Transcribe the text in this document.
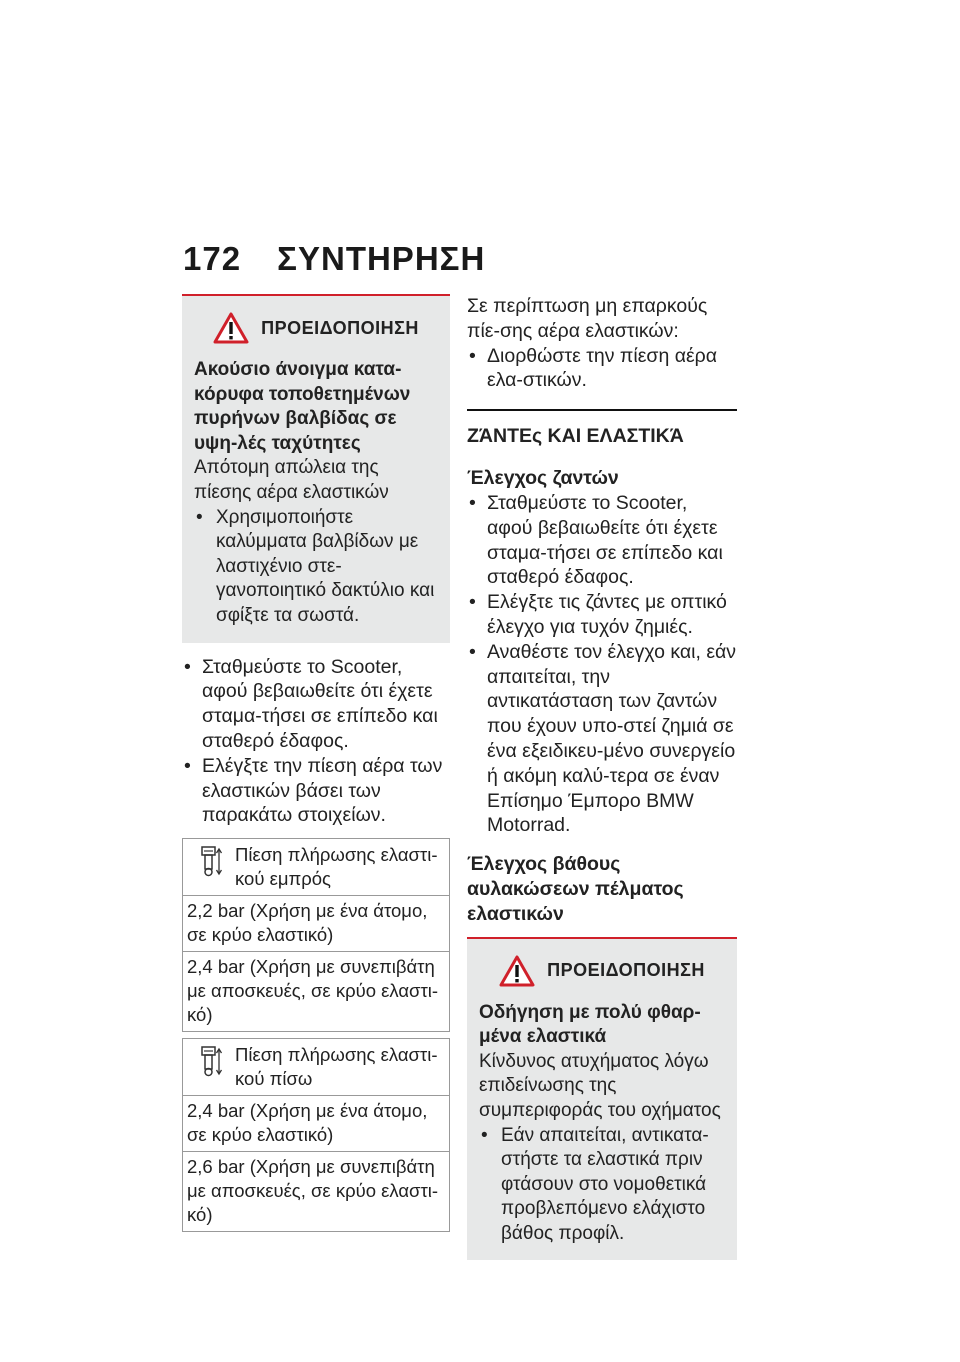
172 ΣΥΝΤΗΡΗΣΗ
ΠΡΟΕΙΔΟΠΟΙΗΣΗ
Ακούσιο άνοιγμα κατα-κόρυφα τοποθετημένων πυρήνων βαλβίδας σε υψη-λές ταχύτητες
Απότομη απώλεια της πίεσης αέρα ελαστικών
• Χρησιμοποιήστε καλύμματα βαλβίδων με λαστιχένιο στε-γανοποιητικό δακτύλιο και σφίξτε τα σωστά.
• Σταθμεύστε το Scooter, αφού βεβαιωθείτε ότι έχετε σταμα-τήσει σε επίπεδο και σταθερό έδαφος.
• Ελέγξτε την πίεση αέρα των ελαστικών βάσει των παρακάτω στοιχείων.
Πίεση πλήρωσης ελαστι-κού εμπρός
2,2 bar (Χρήση με ένα άτομο, σε κρύο ελαστικό)
2,4 bar (Χρήση με συνεπιβάτη με αποσκευές, σε κρύο ελαστι-κό)
Πίεση πλήρωσης ελαστι-κού πίσω
2,4 bar (Χρήση με ένα άτομο, σε κρύο ελαστικό)
2,6 bar (Χρήση με συνεπιβάτη με αποσκευές, σε κρύο ελαστι-κό)
Σε περίπτωση μη επαρκούς πίε-σης αέρα ελαστικών:
• Διορθώστε την πίεση αέρα ελα-στικών.
ΖΆΝΤΕς ΚΑΙ ΕΛΑΣΤΙΚΆ
Έλεγχος ζαντών
• Σταθμεύστε το Scooter, αφού βεβαιωθείτε ότι έχετε σταμα-τήσει σε επίπεδο και σταθερό έδαφος.
• Ελέγξτε τις ζάντες με οπτικό έλεγχο για τυχόν ζημιές.
• Αναθέστε τον έλεγχο και, εάν απαιτείται, την αντικατάσταση των ζαντών που έχουν υπο-στεί ζημιά σε ένα εξειδικευ-μένο συνεργείο ή ακόμη καλύ-τερα σε έναν Επίσημο Έμπορο BMW Motorrad.
Έλεγχος βάθους αυλακώσεων πέλματος ελαστικών
ΠΡΟΕΙΔΟΠΟΙΗΣΗ
Οδήγηση με πολύ φθαρ-μένα ελαστικά
Κίνδυνος ατυχήματος λόγω επιδείνωσης της συμπεριφοράς του οχήματος
• Εάν απαιτείται, αντικατα-στήστε τα ελαστικά πριν φτάσουν στο νομοθετικά προβλεπόμενο ελάχιστο βάθος προφίλ.
